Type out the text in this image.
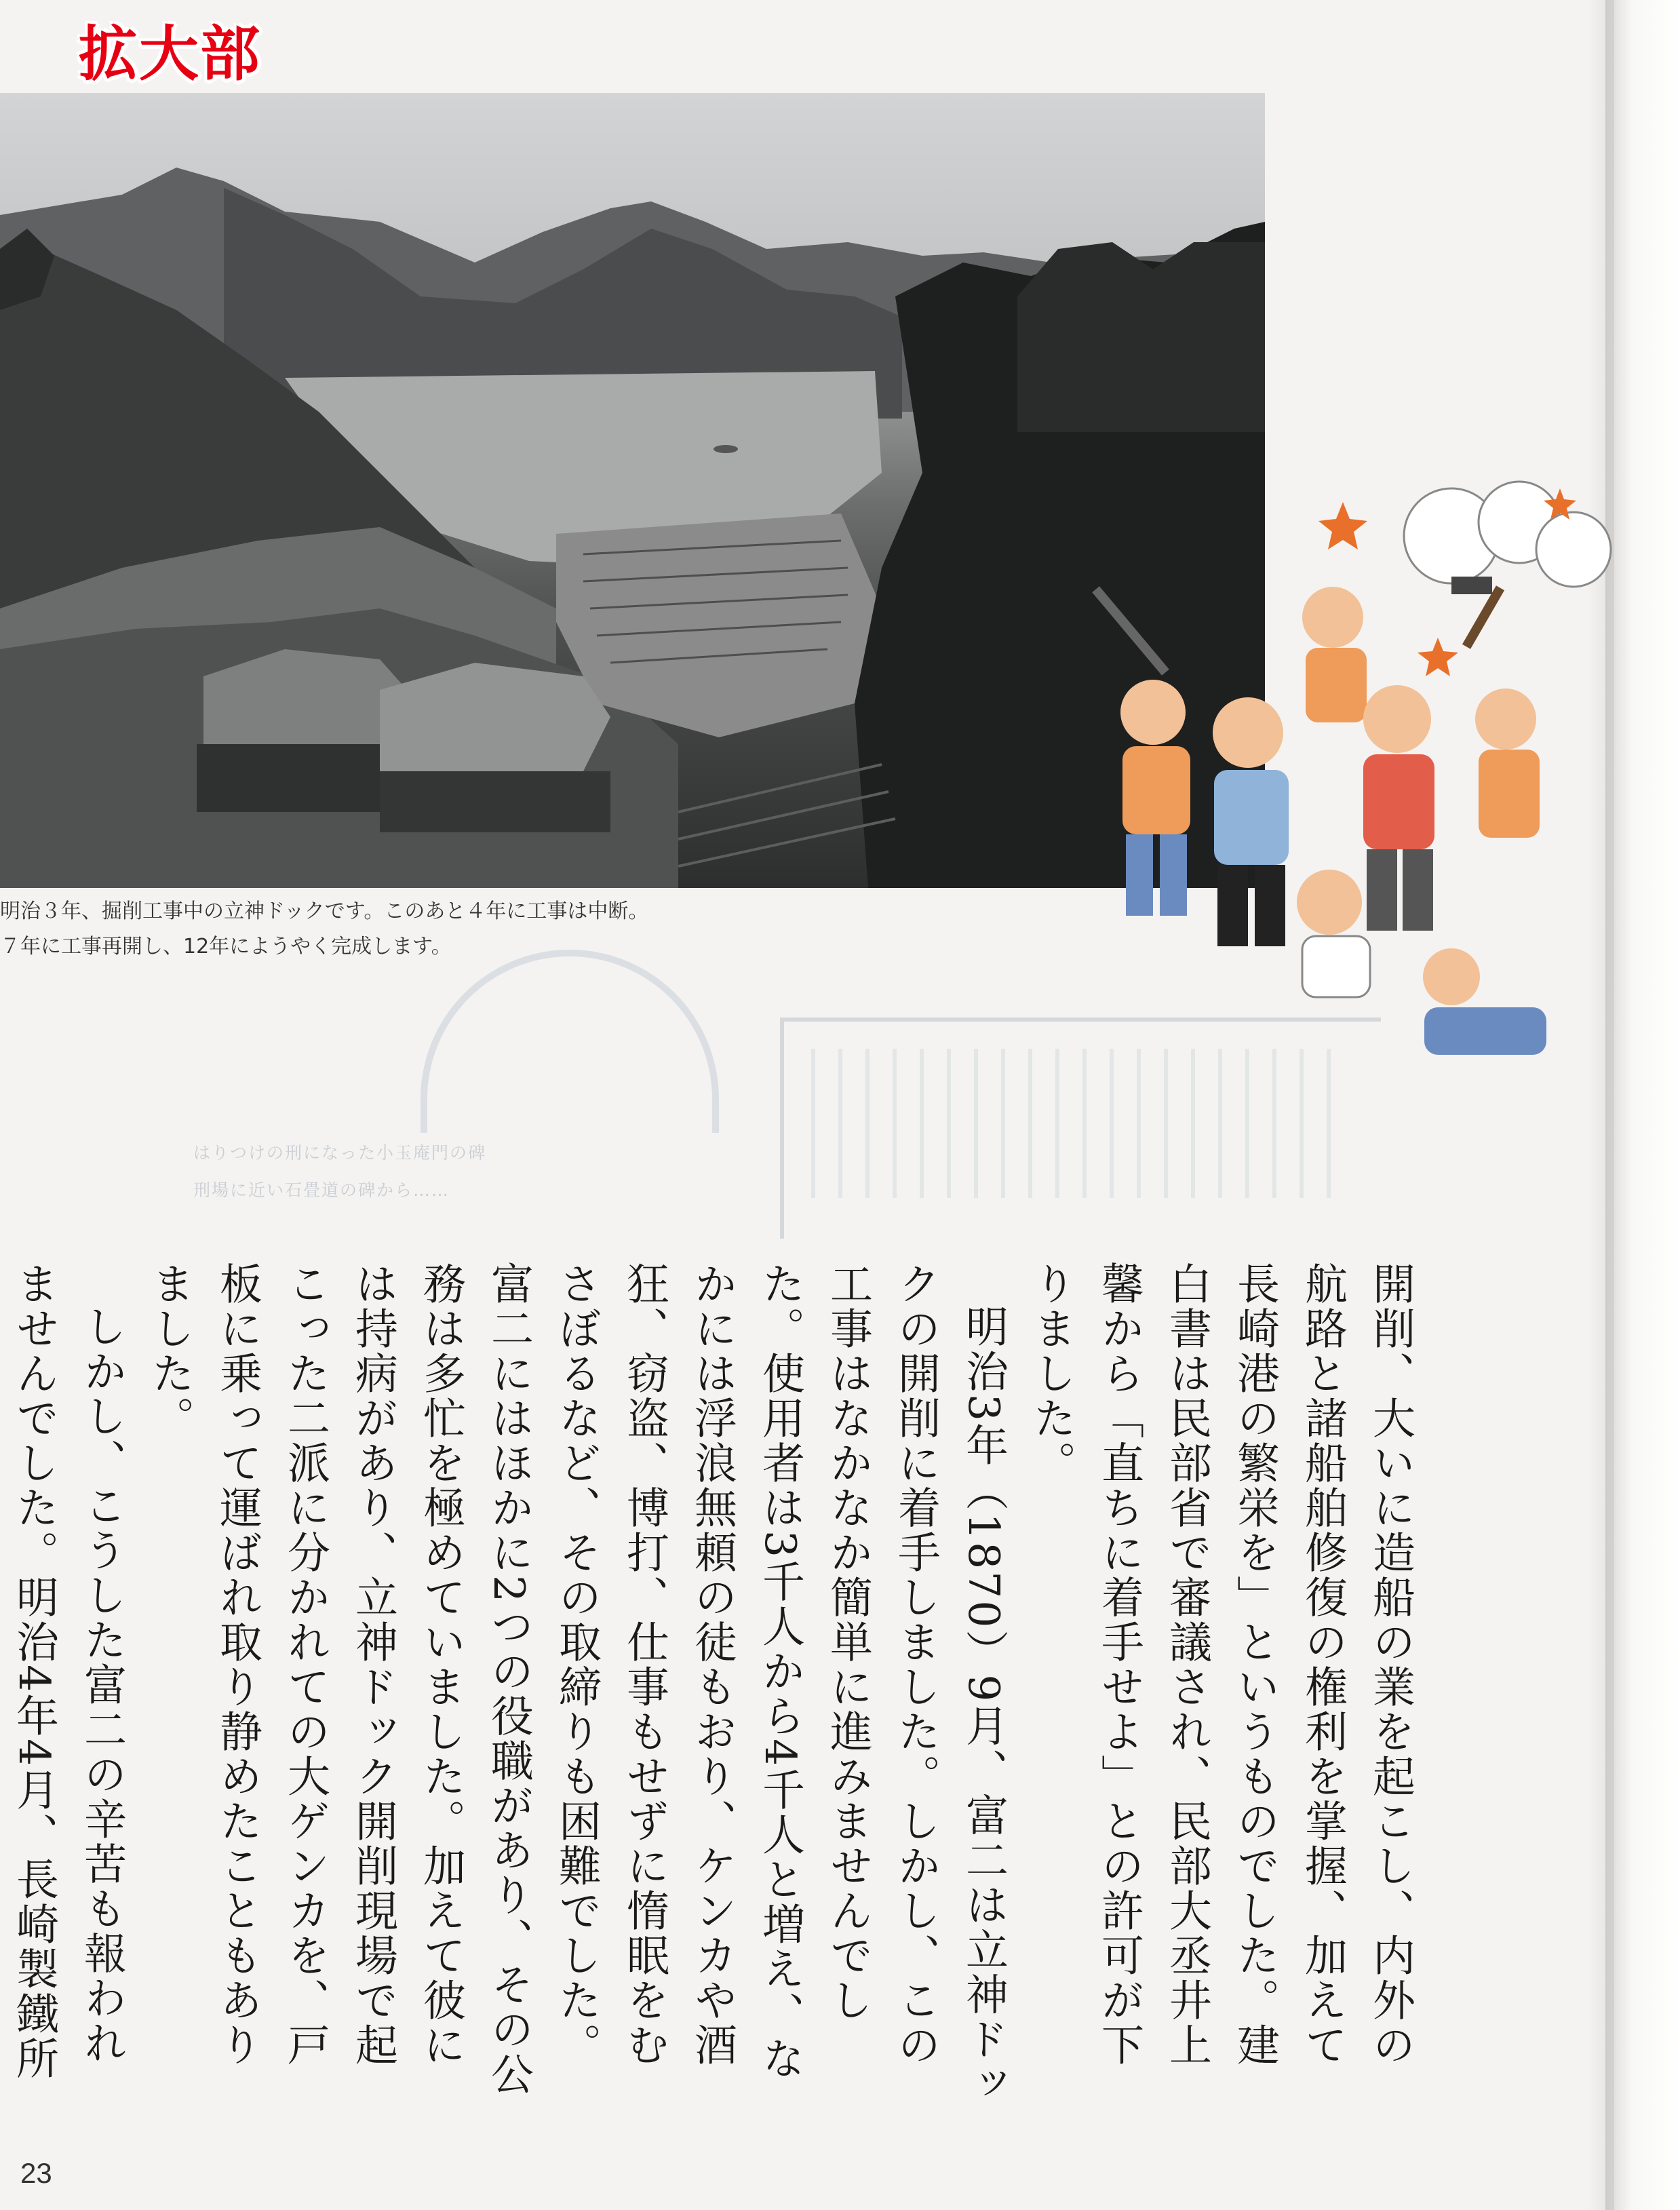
はりつけの刑になった小玉庵門の碑
刑場に近い石畳道の碑から……
拡大部
明治３年、掘削工事中の立神ドックです。このあと４年に工事は中断。
７年に工事再開し、12年にようやく完成します。

開削、大いに造船の業を起こし、内外の航路と諸船舶修復の権利を掌握、加えて長崎港の繁栄を」というものでした。建白書は民部省で審議され、民部大丞井上馨から「直ちに着手せよ」との許可が下りました。

明治3年（1870）9月、富二は立神ドックの開削に着手しました。しかし、この工事はなかなか簡単に進みませんでした。使用者は3千人から4千人と増え、なかには浮浪無頼の徒もおり、ケンカや酒狂、窃盗、博打、仕事もせずに惰眠をむさぼるなど、その取締りも困難でした。富二にはほかに2つの役職があり、その公務は多忙を極めていました。加えて彼には持病があり、立神ドック開削現場で起こった二派に分かれての大ゲンカを、戸板に乗って運ばれ取り静めたこともありました。

しかし、こうした富二の辛苦も報われませんでした。明治4年4月、長崎製鐵所

23
